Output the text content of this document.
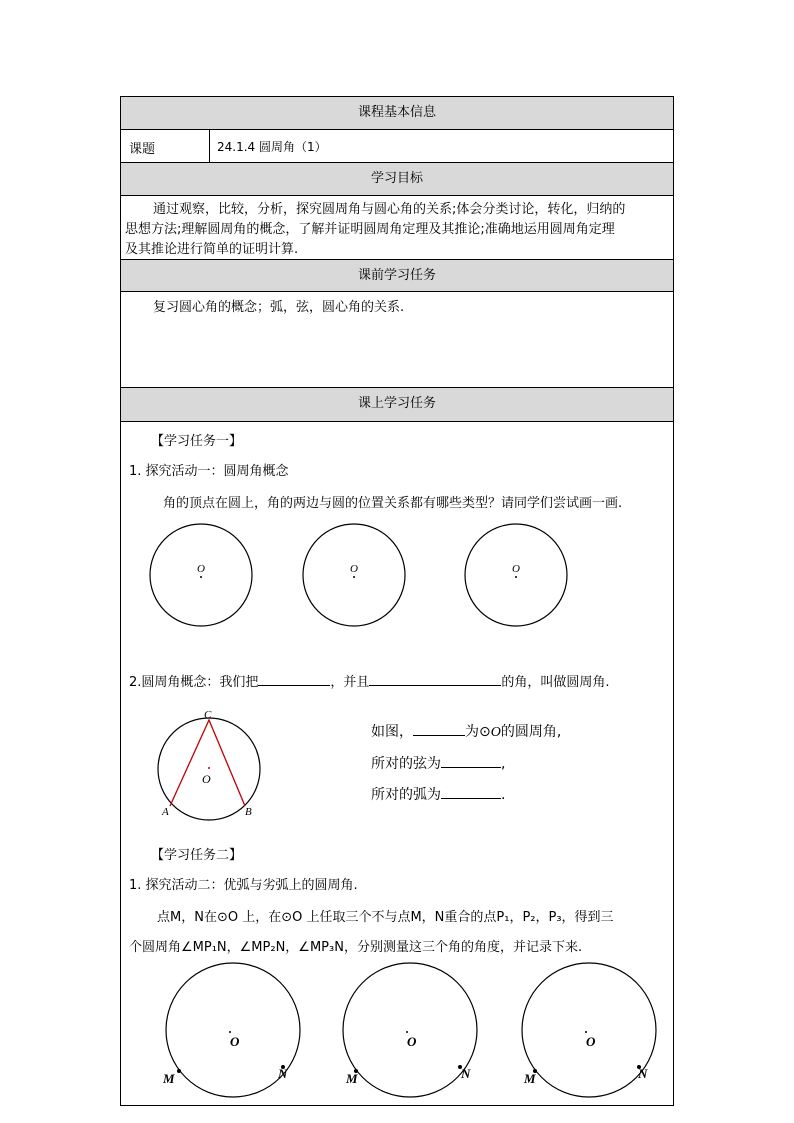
课程基本信息
课题	24.1.4 圆周角（1）
学习目标
通过观察，比较，分析，探究圆周角与圆心角的关系;体会分类讨论，转化，归纳的
思想方法;理解圆周角的概念，了解并证明圆周角定理及其推论;准确地运用圆周角定理
及其推论进行简单的证明计算.
课前学习任务
复习圆心角的概念；弧，弦，圆心角的关系.
课上学习任务
【学习任务一】
1. 探究活动一：圆周角概念
角的顶点在圆上，角的两边与圆的位置关系都有哪些类型？请同学们尝试画一画.
2.圆周角概念：我们把	，并且	的角，叫做圆周角.
如图，	为⊙O的圆周角,
所对的弦为	,
所对的弧为	.
【学习任务二】
1. 探究活动二：优弧与劣弧上的圆周角.
点M，N在⊙O 上，在⊙O 上任取三个不与点M，N重合的点P₁，P₂，P₃，得到三
个圆周角∠MP₁N，∠MP₂N，∠MP₃N，分别测量这三个角的角度，并记录下来.
O	O	O
C
O
A	B
O	O	O
M	N	M	N	M	N
